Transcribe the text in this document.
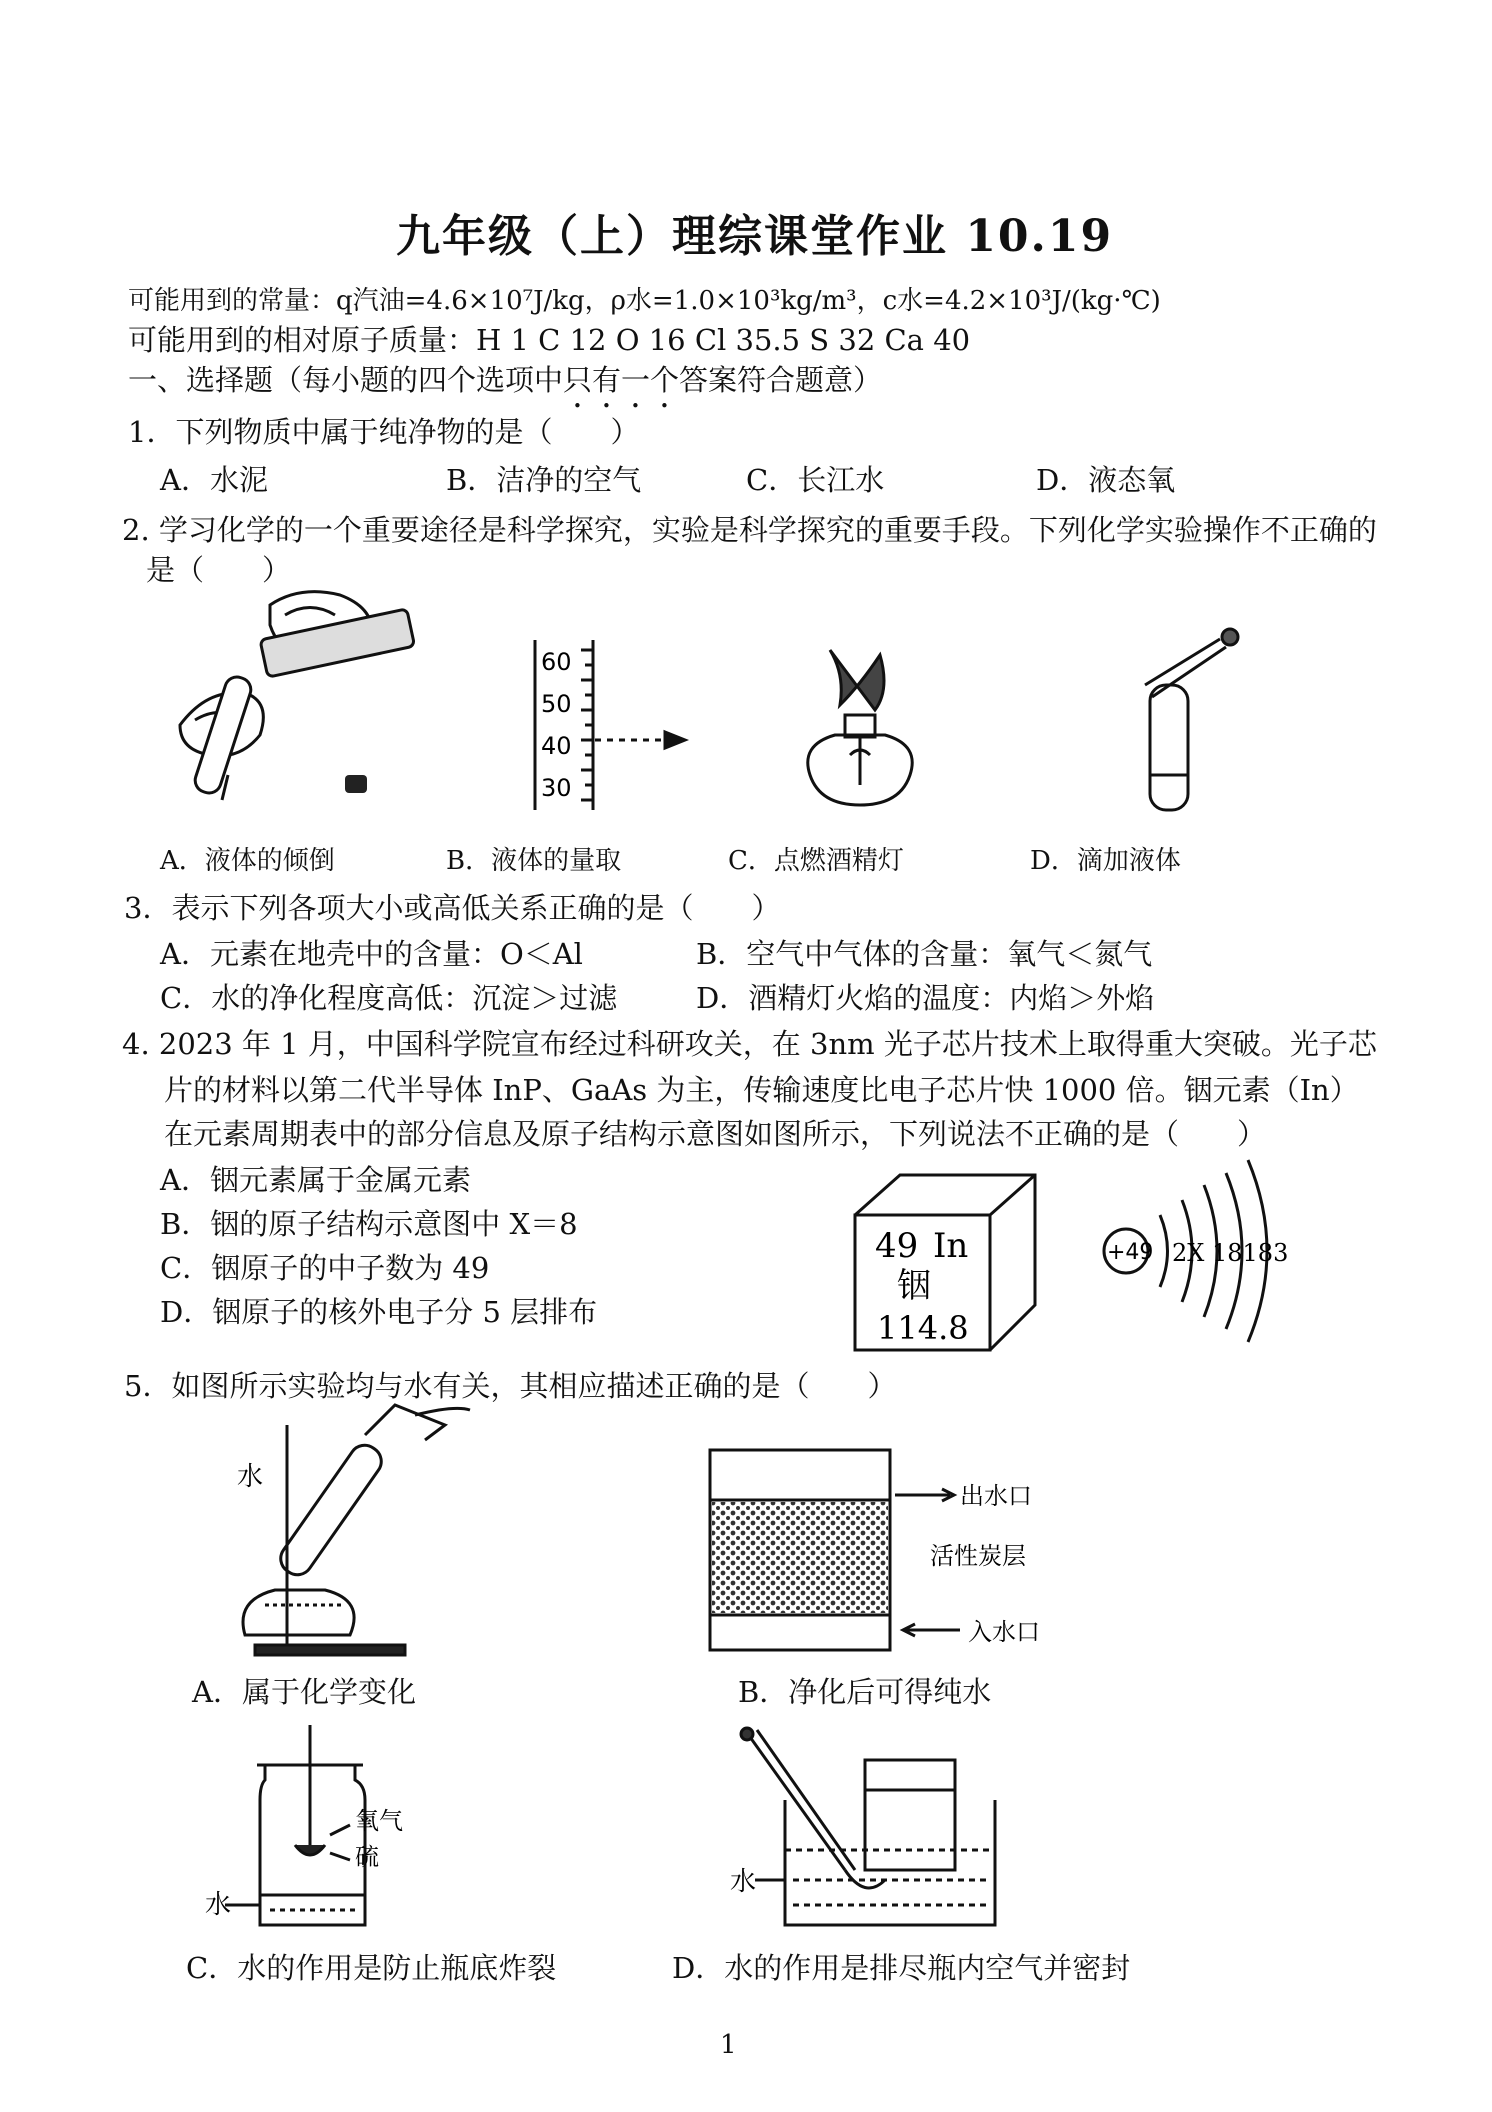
九年级（上）理综课堂作业 10.19
可能用到的常量：q汽油=4.6×10⁷J/kg，ρ水=1.0×10³kg/m³，c水=4.2×10³J/(kg·℃)
可能用到的相对原子质量：H 1 C 12 O 16 Cl 35.5 S 32 Ca 40
一、选择题（每小题的四个选项中只有一个答案符合题意）
1．下列物质中属于纯净物的是（　　）
A．水泥	B．洁净的空气	C．长江水	D．液态氧
2. 学习化学的一个重要途径是科学探究，实验是科学探究的重要手段。下列化学实验操作不正确的
是（　　）
60
50
40
30
A．液体的倾倒	B．液体的量取	C．点燃酒精灯	D．滴加液体
3．表示下列各项大小或高低关系正确的是（　　）
A．元素在地壳中的含量：O＜Al	B．空气中气体的含量：氧气＜氮气
C．水的净化程度高低：沉淀＞过滤	D．酒精灯火焰的温度：内焰＞外焰
4. 2023 年 1 月，中国科学院宣布经过科研攻关，在 3nm 光子芯片技术上取得重大突破。光子芯
片的材料以第二代半导体 InP、GaAs 为主，传输速度比电子芯片快 1000 倍。铟元素（In）
在元素周期表中的部分信息及原子结构示意图如图所示，下列说法不正确的是（　　）
A．铟元素属于金属元素
B．铟的原子结构示意图中 X＝8
C．铟原子的中子数为 49
D．铟原子的核外电子分 5 层排布
49 In
铟
114.8
+49 2X 18183
5．如图所示实验均与水有关，其相应描述正确的是（　　）
水
出水口
活性炭层
入水口
A．属于化学变化	B．净化后可得纯水
氧气
硫
水
水
C．水的作用是防止瓶底炸裂	D．水的作用是排尽瓶内空气并密封
1
